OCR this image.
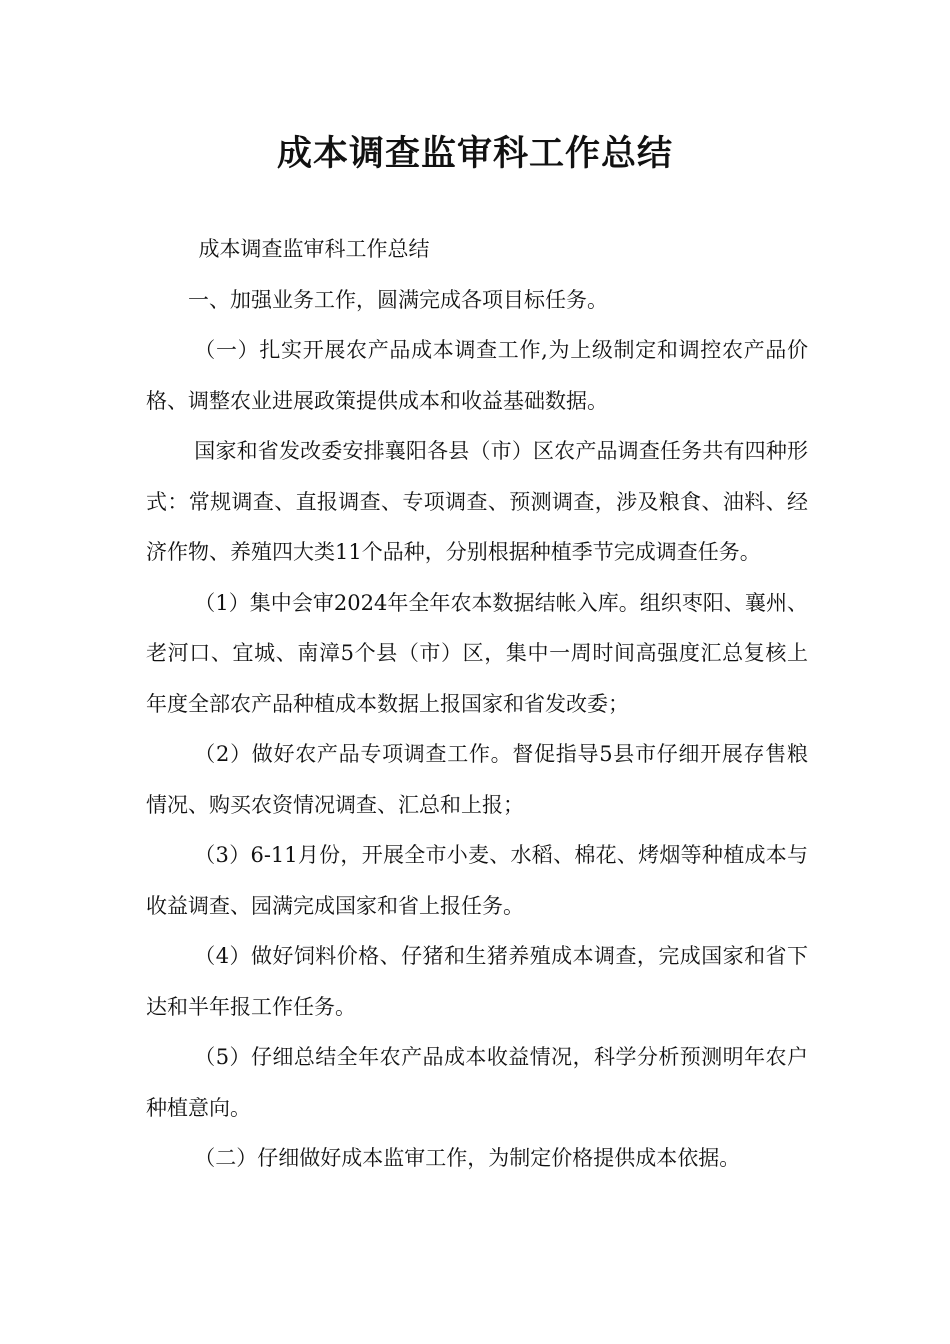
成本调查监审科工作总结

成本调查监审科工作总结

一、加强业务工作，圆满完成各项目标任务。

（一）扎实开展农产品成本调查工作,为上级制定和调控农产品价格、调整农业进展政策提供成本和收益基础数据。

国家和省发改委安排襄阳各县（市）区农产品调查任务共有四种形式：常规调查、直报调查、专项调查、预测调查，涉及粮食、油料、经济作物、养殖四大类11个品种，分别根据种植季节完成调查任务。

（1）集中会审2024年全年农本数据结帐入库。组织枣阳、襄州、老河口、宜城、南漳5个县（市）区，集中一周时间高强度汇总复核上年度全部农产品种植成本数据上报国家和省发改委；

（2）做好农产品专项调查工作。督促指导5县市仔细开展存售粮情况、购买农资情况调查、汇总和上报；

（3）6-11月份，开展全市小麦、水稻、棉花、烤烟等种植成本与收益调查、园满完成国家和省上报任务。

（4）做好饲料价格、仔猪和生猪养殖成本调查，完成国家和省下达和半年报工作任务。

（5）仔细总结全年农产品成本收益情况，科学分析预测明年农户种植意向。

（二）仔细做好成本监审工作，为制定价格提供成本依据。
